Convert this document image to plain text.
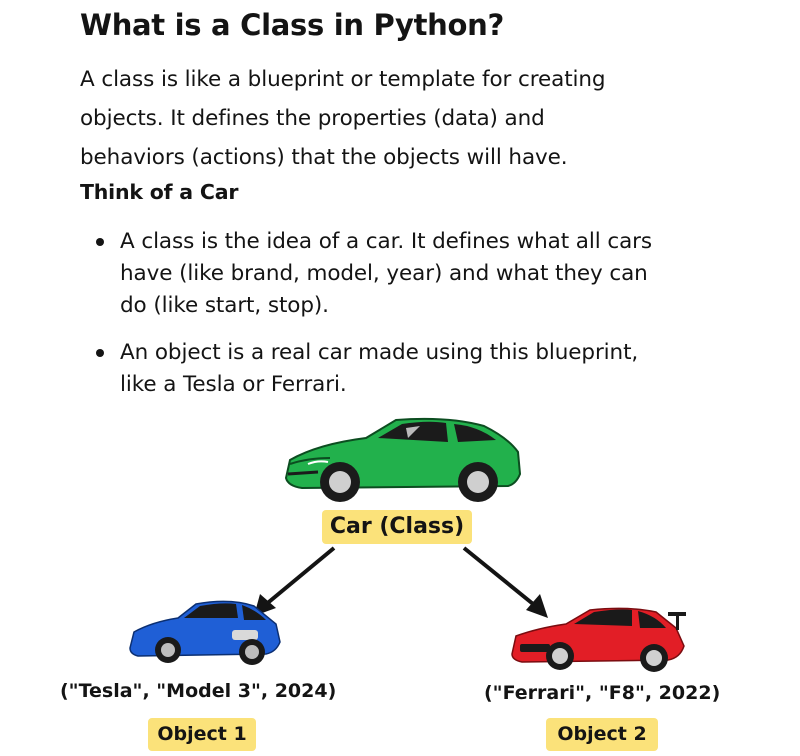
What is a Class in Python?
A class is like a blueprint or template for creating
objects. It defines the properties (data) and
behaviors (actions) that the objects will have.
Think of a Car
A class is the idea of a car. It defines what all cars
have (like brand, model, year) and what they can
do (like start, stop).
An object is a real car made using this blueprint,
like a Tesla or Ferrari.
Car (Class)
("Tesla", "Model 3", 2024)
Object 1
("Ferrari", "F8", 2022)
Object 2
